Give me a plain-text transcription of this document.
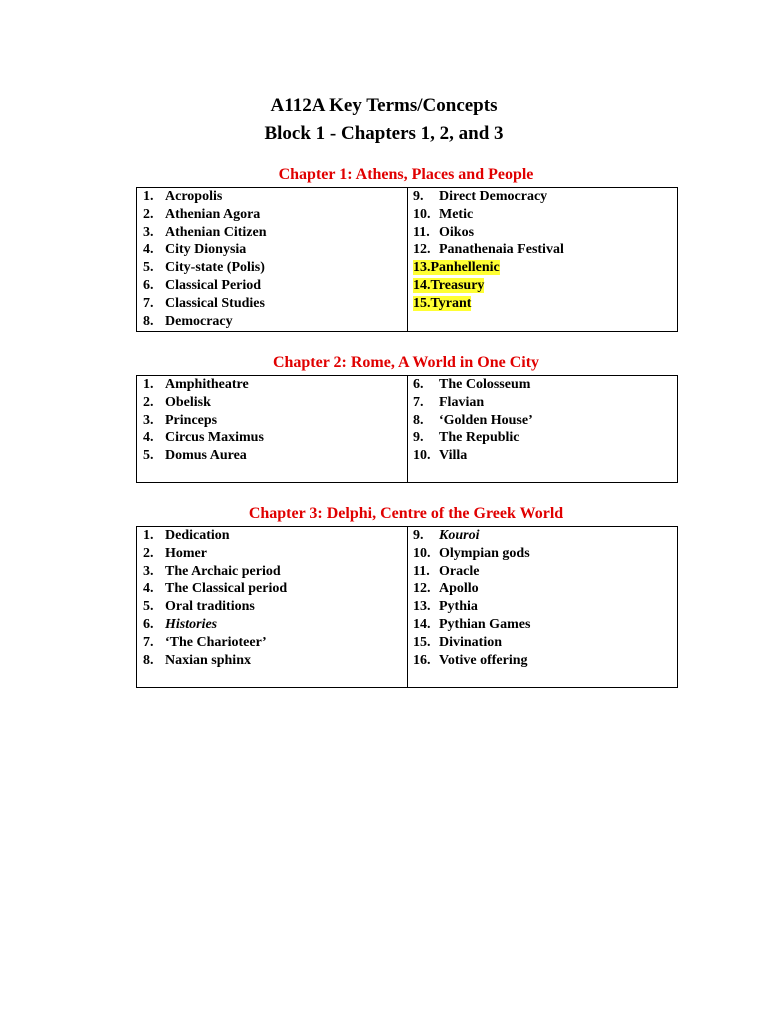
A112A Key Terms/Concepts
Block 1 - Chapters 1, 2, and 3
Chapter 1: Athens, Places and People
1. Acropolis
2. Athenian Agora
3. Athenian Citizen
4. City Dionysia
5. City-state (Polis)
6. Classical Period
7. Classical Studies
8. Democracy
9. Direct Democracy
10. Metic
11. Oikos
12. Panathenaia Festival
13.Panhellenic
14.Treasury
15.Tyrant
Chapter 2: Rome, A World in One City
1. Amphitheatre
2. Obelisk
3. Princeps
4. Circus Maximus
5. Domus Aurea
6. The Colosseum
7. Flavian
8. ‘Golden House’
9. The Republic
10. Villa
Chapter 3: Delphi, Centre of the Greek World
1. Dedication
2. Homer
3. The Archaic period
4. The Classical period
5. Oral traditions
6. Histories
7. ‘The Charioteer’
8. Naxian sphinx
9. Kouroi
10. Olympian gods
11. Oracle
12. Apollo
13. Pythia
14. Pythian Games
15. Divination
16. Votive offering
